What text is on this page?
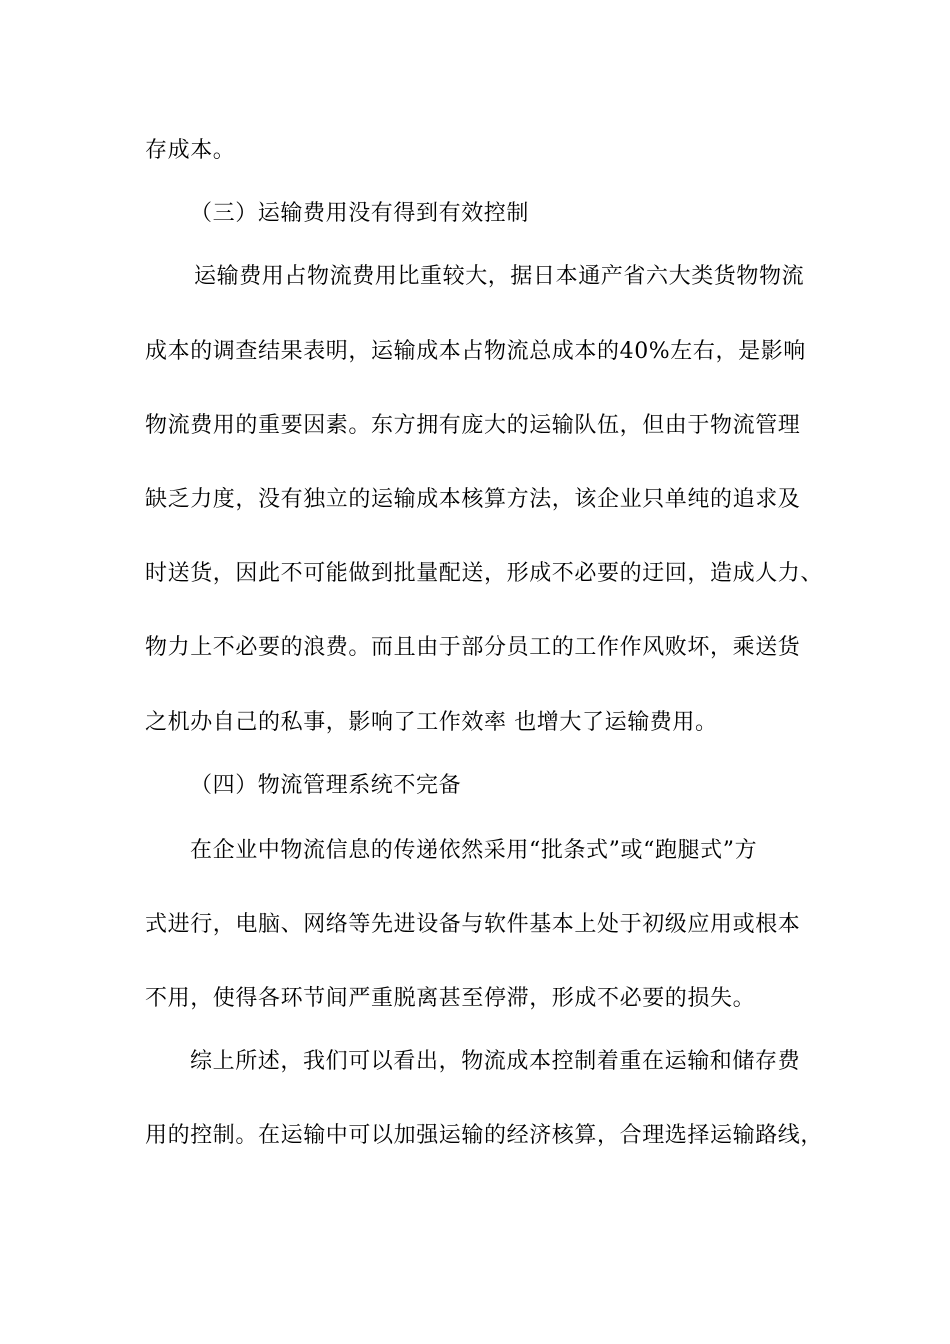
存成本。
（三）运输费用没有得到有效控制
运输费用占物流费用比重较大，据日本通产省六大类货物物流
成本的调查结果表明，运输成本占物流总成本的40%左右，是影响
物流费用的重要因素。东方拥有庞大的运输队伍，但由于物流管理
缺乏力度，没有独立的运输成本核算方法，该企业只单纯的追求及
时送货，因此不可能做到批量配送，形成不必要的迂回，造成人力、
物力上不必要的浪费。而且由于部分员工的工作作风败坏，乘送货
之机办自己的私事，影响了工作效率 也增大了运输费用。
（四）物流管理系统不完备
在企业中物流信息的传递依然采用“批条式”或“跑腿式”方
式进行，电脑、网络等先进设备与软件基本上处于初级应用或根本
不用，使得各环节间严重脱离甚至停滞，形成不必要的损失。
综上所述，我们可以看出，物流成本控制着重在运输和储存费
用的控制。在运输中可以加强运输的经济核算，合理选择运输路线，
